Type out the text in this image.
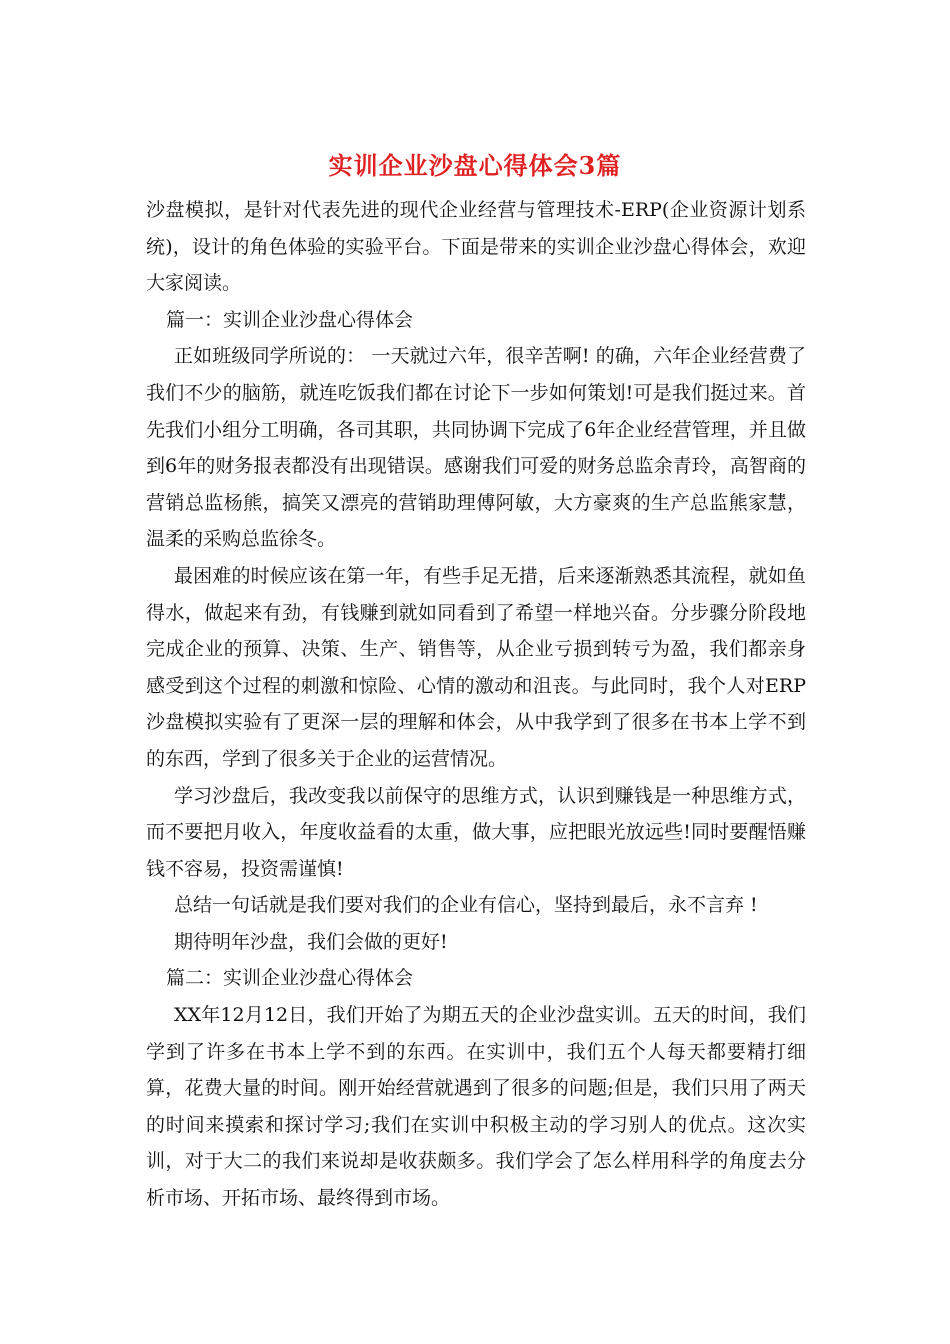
实训企业沙盘心得体会3篇

沙盘模拟，是针对代表先进的现代企业经营与管理技术-ERP(企业资源计划系统)，设计的角色体验的实验平台。下面是带来的实训企业沙盘心得体会，欢迎大家阅读。

篇一：实训企业沙盘心得体会

正如班级同学所说的： 一天就过六年，很辛苦啊! 的确，六年企业经营费了我们不少的脑筋，就连吃饭我们都在讨论下一步如何策划!可是我们挺过来。首先我们小组分工明确，各司其职，共同协调下完成了6年企业经营管理，并且做到6年的财务报表都没有出现错误。感谢我们可爱的财务总监余青玲，高智商的营销总监杨熊，搞笑又漂亮的营销助理傅阿敏，大方豪爽的生产总监熊家慧，温柔的采购总监徐冬。

最困难的时候应该在第一年，有些手足无措，后来逐渐熟悉其流程，就如鱼得水，做起来有劲，有钱赚到就如同看到了希望一样地兴奋。分步骤分阶段地完成企业的预算、决策、生产、销售等，从企业亏损到转亏为盈，我们都亲身感受到这个过程的刺激和惊险、心情的激动和沮丧。与此同时，我个人对ERP沙盘模拟实验有了更深一层的理解和体会，从中我学到了很多在书本上学不到的东西，学到了很多关于企业的运营情况。

学习沙盘后，我改变我以前保守的思维方式，认识到赚钱是一种思维方式，而不要把月收入，年度收益看的太重，做大事，应把眼光放远些!同时要醒悟赚钱不容易，投资需谨慎!

总结一句话就是我们要对我们的企业有信心，坚持到最后，永不言弃 !

期待明年沙盘，我们会做的更好!

篇二：实训企业沙盘心得体会

XX年12月12日，我们开始了为期五天的企业沙盘实训。五天的时间，我们学到了许多在书本上学不到的东西。在实训中，我们五个人每天都要精打细算，花费大量的时间。刚开始经营就遇到了很多的问题;但是，我们只用了两天的时间来摸索和探讨学习;我们在实训中积极主动的学习别人的优点。这次实训，对于大二的我们来说却是收获颇多。我们学会了怎么样用科学的角度去分析市场、开拓市场、最终得到市场。
